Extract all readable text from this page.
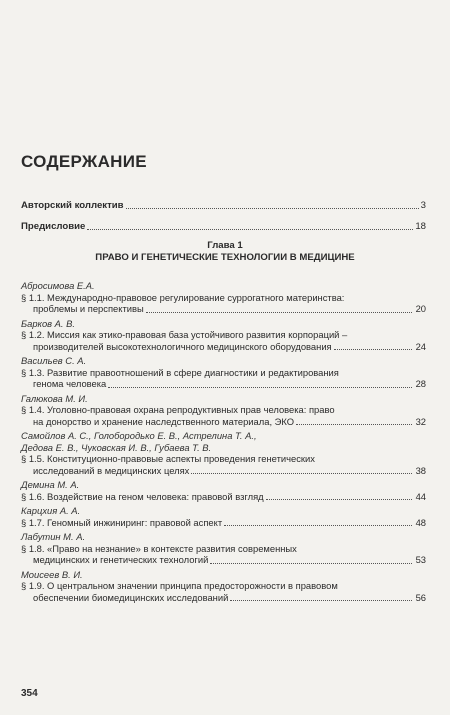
СОДЕРЖАНИЕ
Авторский коллектив	3
Предисловие	18
Глава 1
ПРАВО И ГЕНЕТИЧЕСКИЕ ТЕХНОЛОГИИ В МЕДИЦИНЕ
Абросимова Е.А.
§ 1.1. Международно-правовое регулирование суррогатного материнства:
проблемы и перспективы	20
Барков А. В.
§ 1.2. Миссия как этико-правовая база устойчивого развития корпораций –
производителей высокотехнологичного медицинского оборудования	24
Васильев С. А.
§ 1.3. Развитие правоотношений в сфере диагностики и редактирования
генома человека	28
Галюкова М. И.
§ 1.4. Уголовно-правовая охрана репродуктивных прав человека: право
на донорство и хранение наследственного материала, ЭКО	32
Самойлов А. С., Голобородько Е. В., Астрелина Т. А.,
Дедова Е. В., Чуковская И. В., Губаева Т. В.
§ 1.5. Конституционно-правовые аспекты проведения генетических
исследований в медицинских целях	38
Демина М. А.
§ 1.6. Воздействие на геном человека: правовой взгляд	44
Карцхия А. А.
§ 1.7. Геномный инжиниринг: правовой аспект	48
Лабутин М. А.
§ 1.8. «Право на незнание» в контексте развития современных
медицинских и генетических технологий	53
Моисеев В. И.
§ 1.9. О центральном значении принципа предосторожности в правовом
обеспечении биомедицинских исследований	56
354
